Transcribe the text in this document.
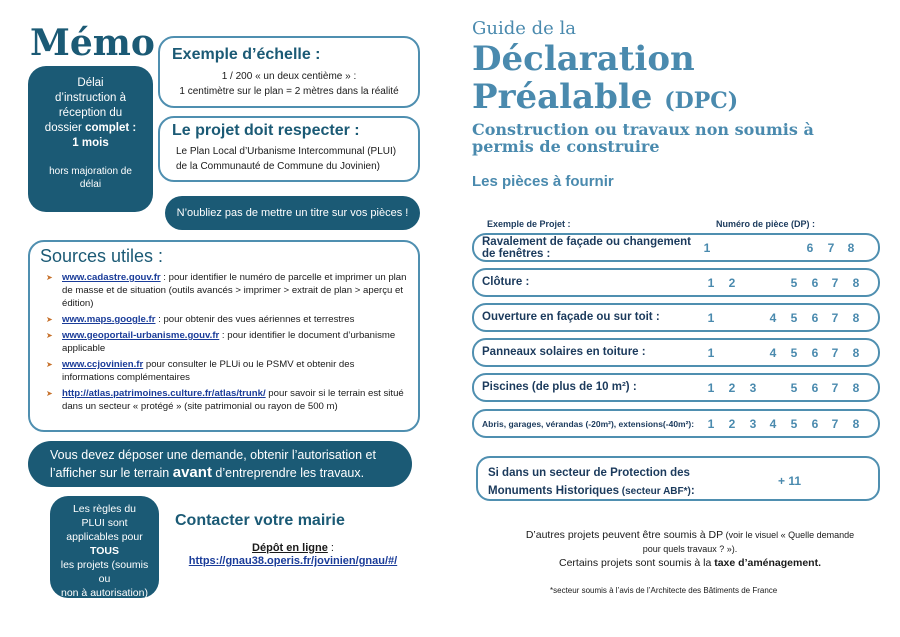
Mémo
Délai
d’instruction à
réception du
dossier complet :
1 mois
hors majoration de
délai
Exemple d’échelle :
1 / 200 « un deux centième » :
1 centimètre sur le plan = 2 mètres dans la réalité
Le projet doit respecter :
Le Plan Local d’Urbanisme Intercommunal (PLUI)
de la Communauté de Commune du Jovinien)
N’oubliez pas de mettre un titre sur vos pièces !
Sources utiles :
➤ www.cadastre.gouv.fr : pour identifier le numéro de parcelle et imprimer un plan de masse et de situation (outils avancés > imprimer > extrait de plan > aperçu et édition)
➤ www.maps.google.fr : pour obtenir des vues aériennes et terrestres
➤ www.geoportail-urbanisme.gouv.fr : pour identifier le document d’urbanisme applicable
➤ www.ccjovinien.fr pour consulter le PLUi ou le PSMV et obtenir des informations complémentaires
➤ http://atlas.patrimoines.culture.fr/atlas/trunk/ pour savoir si le terrain est situé dans un secteur « protégé » (site patrimonial ou rayon de 500 m)
Vous devez déposer une demande, obtenir l’autorisation et
l’afficher sur le terrain avant d’entreprendre les travaux.
Les règles du
PLUI sont
applicables pour
TOUS
les projets (soumis ou
non à autorisation)
Contacter votre mairie
Dépôt en ligne :
https://gnau38.operis.fr/jovinien/gnau/#/
Guide de la
Déclaration
Préalable (DPC)
Construction ou travaux non soumis à permis de construire
Les pièces à fournir
Exemple de Projet :	Numéro de pièce (DP) :
Ravalement de façade ou changement de fenêtres :	1	6	7	8
Clôture :	1	2	5	6	7	8
Ouverture en façade ou sur toit :	1	4	5	6	7	8
Panneaux solaires en toiture :	1	4	5	6	7	8
Piscines (de plus de 10 m²) :	1	2	3	5	6	7	8
Abris, garages, vérandas (-20m²), extensions(-40m²):	1	2	3	4	5	6	7	8
Si dans un secteur de Protection des
Monuments Historiques (secteur ABF*):
+ 11
D’autres projets peuvent être soumis à DP (voir le visuel « Quelle demande pour quels travaux ? »).
Certains projets sont soumis à la taxe d’aménagement.
*secteur soumis à l’avis de l’Architecte des Bâtiments de France
